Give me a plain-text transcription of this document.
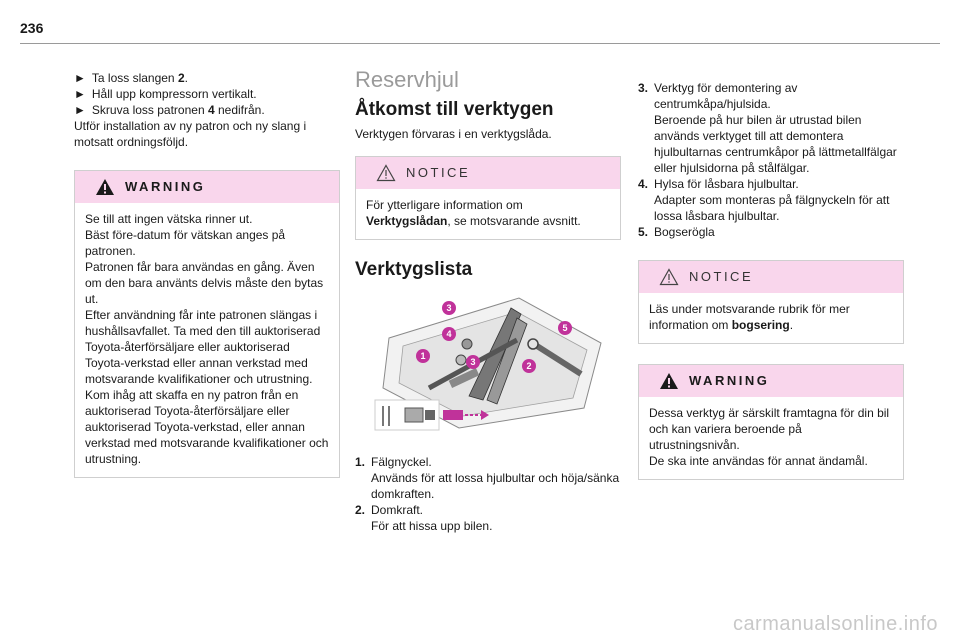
236
► Ta loss slangen 2.
► Håll upp kompressorn vertikalt.
► Skruva loss patronen 4 nedifrån.
Utför installation av ny patron och ny slang i motsatt ordningsföljd.
WARNING
Se till att ingen vätska rinner ut.
Bäst före-datum för vätskan anges på patronen.
Patronen får bara användas en gång. Även om den bara använts delvis måste den bytas ut.
Efter användning får inte patronen slängas i hushållsavfallet. Ta med den till auktoriserad Toyota-återförsäljare eller auktoriserad Toyota-verkstad eller annan verkstad med motsvarande kvalifikationer och utrustning.
Kom ihåg att skaffa en ny patron från en auktoriserad Toyota-återförsäljare eller auktoriserad Toyota-verkstad, eller annan verkstad med motsvarande kvalifikationer och utrustning.
Reservhjul
Åtkomst till verktygen
Verktygen förvaras i en verktygslåda.
NOTICE
För ytterligare information om Verktygslådan, se motsvarande avsnitt.
Verktygslista
3
4
1
3	2
5
1. Fälgnyckel.
Används för att lossa hjulbultar och höja/sänka domkraften.
2. Domkraft.
För att hissa upp bilen.
3. Verktyg för demontering av centrumkåpa/hjulsida.
Beroende på hur bilen är utrustad bilen används verktyget till att demontera hjulbultarnas centrumkåpor på lättmetallfälgar eller hjulsidorna på stålfälgar.
4. Hylsa för låsbara hjulbultar.
Adapter som monteras på fälgnyckeln för att lossa låsbara hjulbultar.
5. Bogserögla
NOTICE
Läs under motsvarande rubrik för mer information om bogsering.
WARNING
Dessa verktyg är särskilt framtagna för din bil och kan variera beroende på utrustningsnivån.
De ska inte användas för annat ändamål.
carmanualsonline.info
